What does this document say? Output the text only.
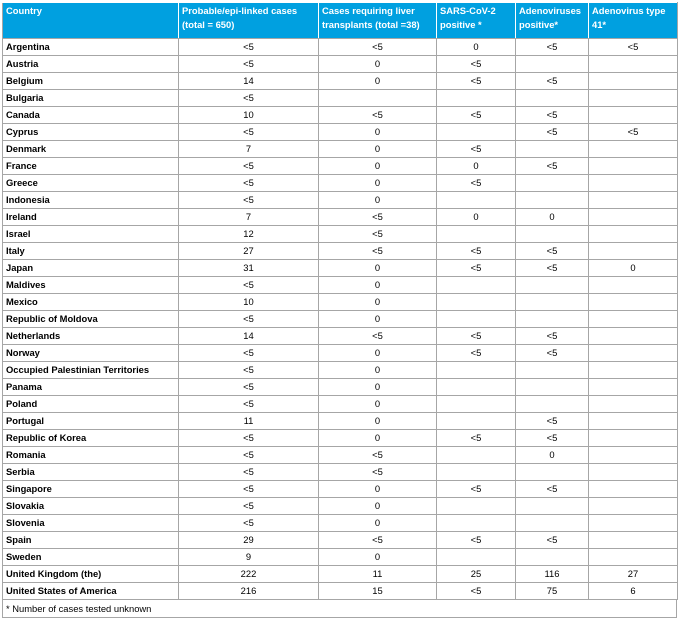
Country	Probable/epi-linked cases (total = 650)	Cases requiring liver transplants (total =38)	SARS-CoV-2 positive *	Adenoviruses positive*	Adenovirus type 41*
Argentina	<5	<5	0	<5	<5
Austria	<5	0	<5		
Belgium	14	0	<5	<5	
Bulgaria	<5				
Canada	10	<5	<5	<5	
Cyprus	<5	0		<5	<5
Denmark	7	0	<5		
France	<5	0	0	<5	
Greece	<5	0	<5		
Indonesia	<5	0			
Ireland	7	<5	0	0	
Israel	12	<5			
Italy	27	<5	<5	<5	
Japan	31	0	<5	<5	0
Maldives	<5	0			
Mexico	10	0			
Republic of Moldova	<5	0			
Netherlands	14	<5	<5	<5	
Norway	<5	0	<5	<5	
Occupied Palestinian Territories	<5	0			
Panama	<5	0			
Poland	<5	0			
Portugal	11	0		<5	
Republic of Korea	<5	0	<5	<5	
Romania	<5	<5		0	
Serbia	<5	<5			
Singapore	<5	0	<5	<5	
Slovakia	<5	0			
Slovenia	<5	0			
Spain	29	<5	<5	<5	
Sweden	9	0			
United Kingdom (the)	222	11	25	116	27
United States of America	216	15	<5	75	6
* Number of cases tested unknown
